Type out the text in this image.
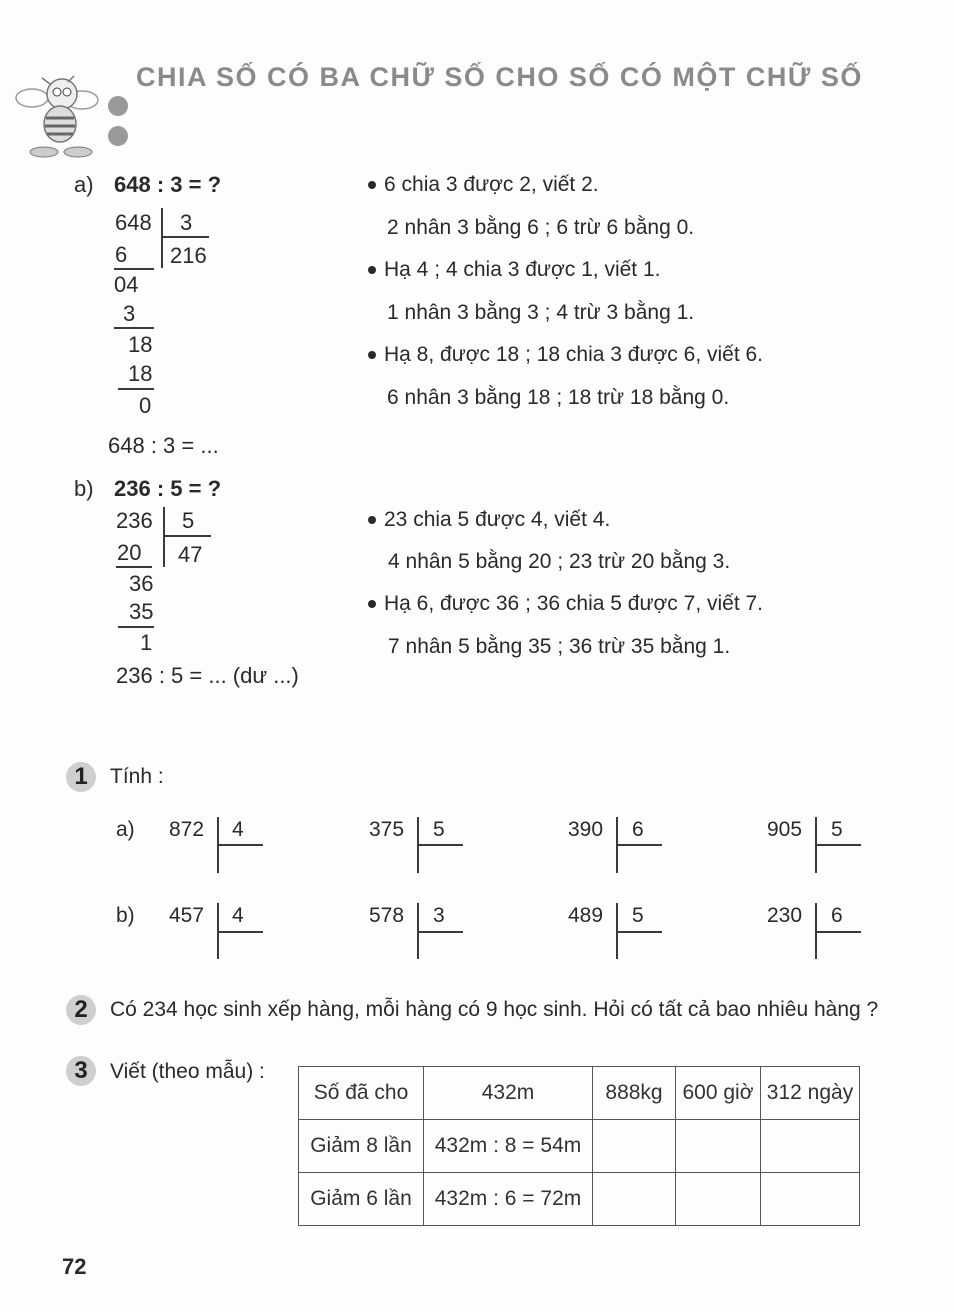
CHIA SỐ CÓ BA CHỮ SỐ CHO SỐ CÓ MỘT CHỮ SỐ
a) 648 : 3 = ?
648 3
216
6
04
3
18
18
0
648 : 3 = ...
6 chia 3 được 2, viết 2.
2 nhân 3 bằng 6 ; 6 trừ 6 bằng 0.
Hạ 4 ; 4 chia 3 được 1, viết 1.
1 nhân 3 bằng 3 ; 4 trừ 3 bằng 1.
Hạ 8, được 18 ; 18 chia 3 được 6, viết 6.
6 nhân 3 bằng 18 ; 18 trừ 18 bằng 0.
b) 236 : 5 = ?
236 5
47
20
36
35
1
236 : 5 = ... (dư ...)
23 chia 5 được 4, viết 4.
4 nhân 5 bằng 20 ; 23 trừ 20 bằng 3.
Hạ 6, được 36 ; 36 chia 5 được 7, viết 7.
7 nhân 5 bằng 35 ; 36 trừ 35 bằng 1.
1	Tính :
a)
b)
872 4	375 5	390 6	905 5
457 4	578 3	489 5	230 6
2	Có 234 học sinh xếp hàng, mỗi hàng có 9 học sinh. Hỏi có tất cả bao nhiêu hàng ?
3	Viết (theo mẫu) :
Số đã cho	432m	888kg	600 giờ	312 ngày
Giảm 8 lần	432m : 8 = 54m			
Giảm 6 lần	432m : 6 = 72m			
72
